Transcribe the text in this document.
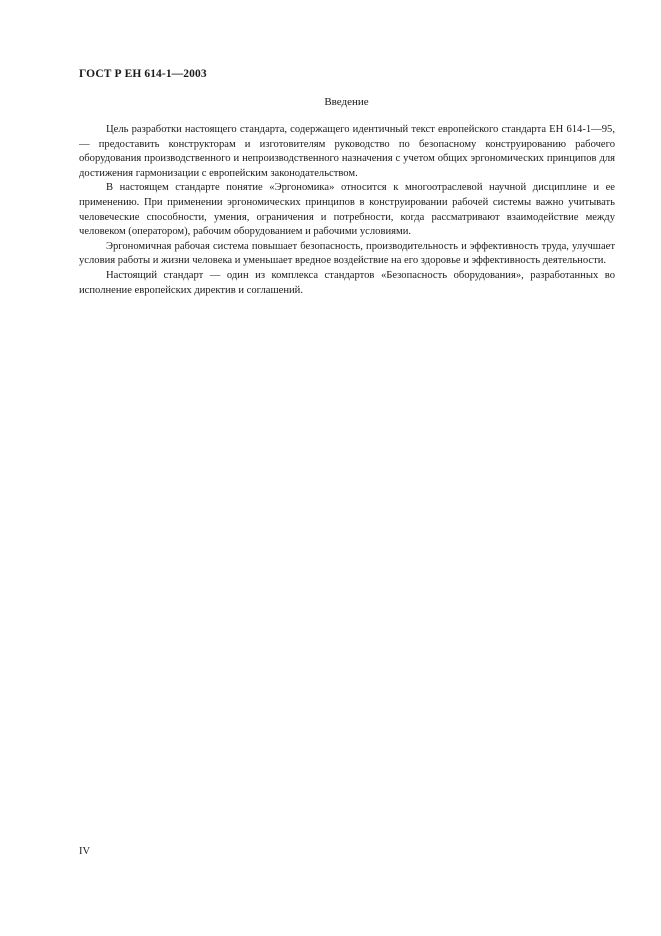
ГОСТ Р ЕН 614-1—2003
Введение

Цель разработки настоящего стандарта, содержащего идентичный текст европейского стандарта ЕН 614-1—95, — предоставить конструкторам и изготовителям руководство по безопасному конструированию рабочего оборудования производственного и непроизводственного назначения с учетом общих эргономических принципов для достижения гармонизации с европейским законодательством.

В настоящем стандарте понятие «Эргономика» относится к многоотраслевой научной дисциплине и ее применению. При применении эргономических принципов в конструировании рабочей системы важно учитывать человеческие способности, умения, ограничения и потребности, когда рассматривают взаимодействие между человеком (оператором), рабочим оборудованием и рабочими условиями.

Эргономичная рабочая система повышает безопасность, производительность и эффективность труда, улучшает условия работы и жизни человека и уменьшает вредное воздействие на его здоровье и эффективность деятельности.

Настоящий стандарт — один из комплекса стандартов «Безопасность оборудования», разработанных во исполнение европейских директив и соглашений.

IV
